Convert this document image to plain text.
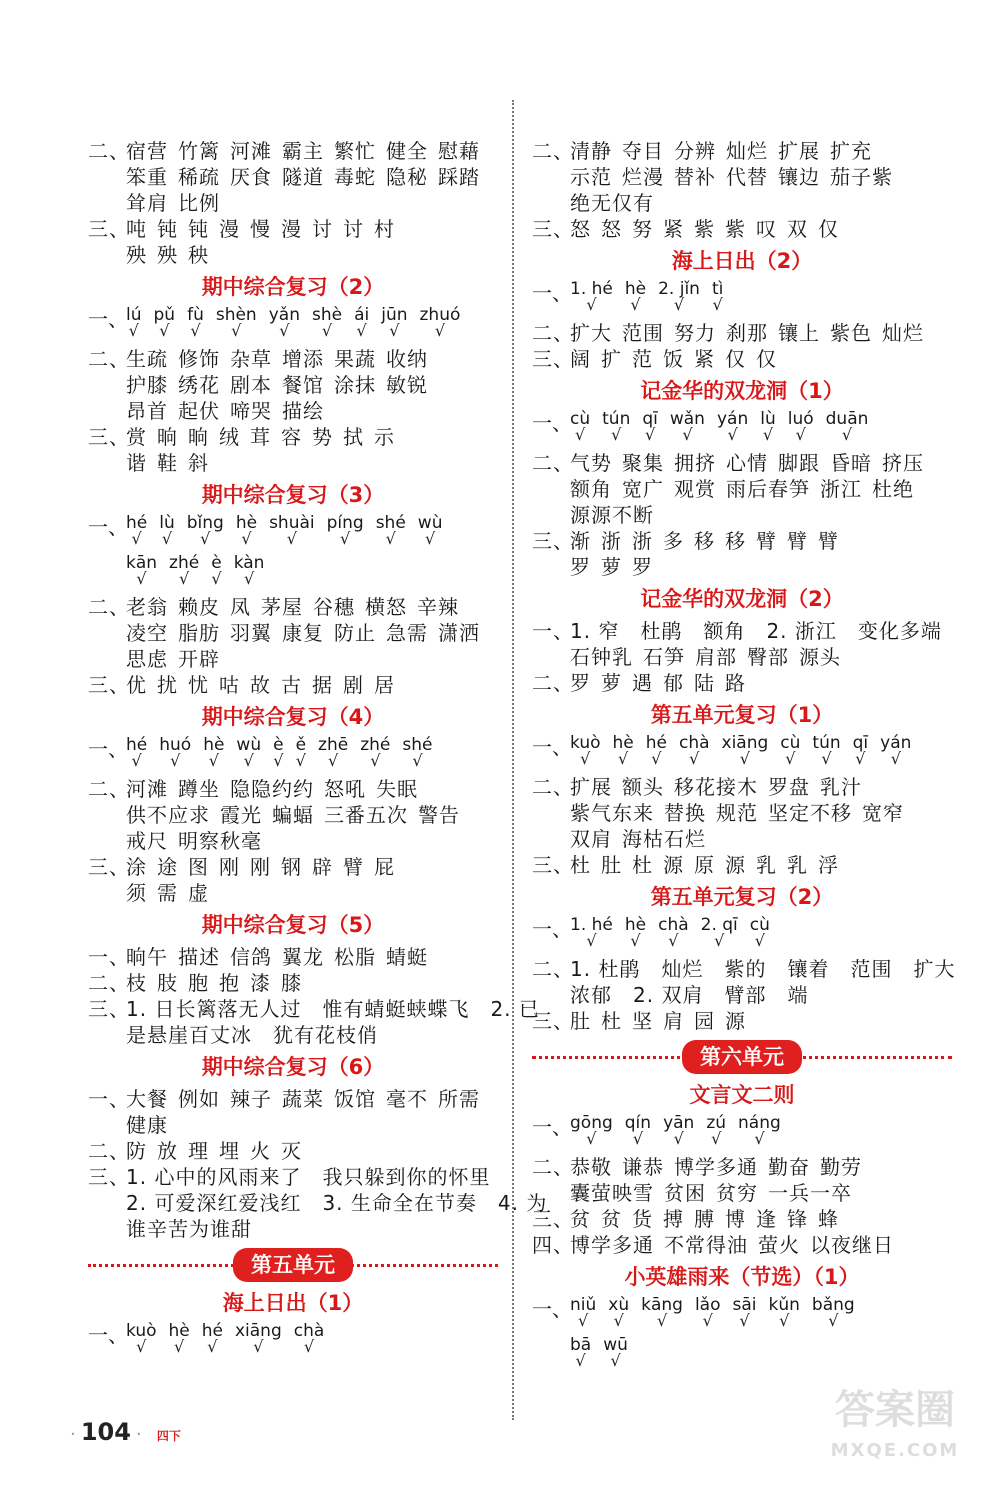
二、宿营 竹篱 河滩 霸主 繁忙 健全 慰藉
笨重 稀疏 厌食 隧道 毒蛇 隐秘 踩踏
耸肩 比例
三、吨 钝 钝 漫 慢 漫 讨 讨 村
殃 殃 秧
期中综合复习（2）
一、
lú
√
pǔ
√
fù
√
shèn
√
yǎn
√
shè
√
ái
√
jūn
√
zhuó
√
二、生疏 修饰 杂草 增添 果蔬 收纳
护膝 绣花 剧本 餐馆 涂抹 敏锐
昂首 起伏 啼哭 描绘
三、赏 晌 晌 绒 茸 容 势 拭 示
谐 鞋 斜
期中综合复习（3）
一、
hé
√
lù
√
bǐng
√
hè
√
shuài
√
píng
√
shé
√
wù
√
kān
√
zhé
√
è
√
kàn
√
二、老翁 赖皮 凤 茅屋 谷穗 横怒 辛辣
凌空 脂肪 羽翼 康复 防止 急需 潇洒
思虑 开辟
三、优 扰 忧 咕 故 古 据 剧 居
期中综合复习（4）
一、
hé
√
huó
√
hè
√
wù
√
è
√
ě
√
zhē
√
zhé
√
shé
√
二、河滩 蹲坐 隐隐约约 怒吼 失眠
供不应求 霞光 蝙蝠 三番五次 警告
戒尺 明察秋毫
三、涂 途 图 刚 刚 钢 辟 臂 屁
须 需 虚
期中综合复习（5）
一、晌午 描述 信鸽 翼龙 松脂 蜻蜓
二、枝 肢 胞 抱 漆 膝
三、1. 日长篱落无人过　惟有蜻蜓蛱蝶飞　2. 已
是悬崖百丈冰　犹有花枝俏
期中综合复习（6）
一、大餐 例如 辣子 蔬菜 饭馆 毫不 所需
健康
二、防 放 理 埋 火 灭
三、1. 心中的风雨来了　我只躲到你的怀里
2. 可爱深红爱浅红　3. 生命全在节奏　4. 为
谁辛苦为谁甜
第五单元
海上日出（1）
一、
kuò
√
hè
√
hé
√
xiāng
√
chà
√
二、清静 夺目 分辨 灿烂 扩展 扩充
示范 烂漫 替补 代替 镶边 茄子紫
绝无仅有
三、怒 怒 努 紧 紫 紫 叹 双 仅
海上日出（2）
一、
1. hé
√
hè
√
2. jǐn
√
tì
√
二、扩大 范围 努力 刹那 镶上 紫色 灿烂
三、阔 扩 范 饭 紧 仅 仅
记金华的双龙洞（1）
一、
cù
√
tún
√
qī
√
wǎn
√
yán
√
lù
√
luó
√
duān
√
二、气势 聚集 拥挤 心情 脚跟 昏暗 挤压
额角 宽广 观赏 雨后春笋 浙江 杜绝
源源不断
三、渐 浙 浙 多 移 移 臂 臂 臂
罗 萝 罗
记金华的双龙洞（2）
一、1. 窄　杜鹃　额角　2. 浙江　变化多端
石钟乳 石笋 肩部 臀部 源头
二、罗 萝 遇 郁 陆 路
第五单元复习（1）
一、
kuò
√
hè
√
hé
√
chà
√
xiāng
√
cù
√
tún
√
qī
√
yán
√
二、扩展 额头 移花接木 罗盘 乳汁
紫气东来 替换 规范 坚定不移 宽窄
双肩 海枯石烂
三、杜 肚 杜 源 原 源 乳 乳 浮
第五单元复习（2）
一、
1. hé
√
hè
√
chà
√
2. qī
√
cù
√
二、1. 杜鹃　灿烂　紫的　镶着　范围　扩大
浓郁　2. 双肩　臂部　端
三、肚 杜 坚 肩 园 源
第六单元
文言文二则
一、
gōng
√
qín
√
yān
√
zú
√
náng
√
二、恭敬 谦恭 博学多通 勤奋 勤劳
囊萤映雪 贫困 贫穷 一兵一卒
三、贫 贫 货 搏 膊 博 逢 锋 蜂
四、博学多通 不常得油 萤火 以夜继日
小英雄雨来（节选）（1）
一、
niǔ
√
xù
√
kāng
√
lǎo
√
sāi
√
kǔn
√
bǎng
√
bā
√
wū
√
· 104 · 四下
答案圈
MXQE.COM
